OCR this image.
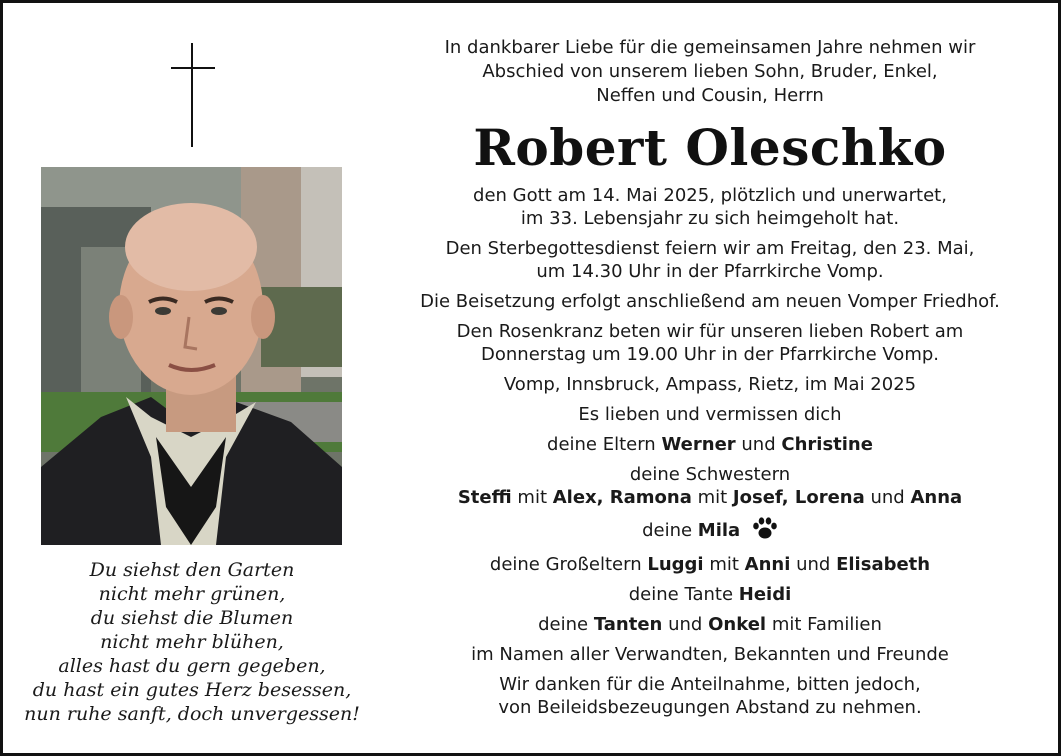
Du siehst den Garten
nicht mehr grünen,
du siehst die Blumen
nicht mehr blühen,
alles hast du gern gegeben,
du hast ein gutes Herz besessen,
nun ruhe sanft, doch unvergessen!
In dankbarer Liebe für die gemeinsamen Jahre nehmen wir
Abschied von unserem lieben Sohn, Bruder, Enkel,
Neffen und Cousin, Herrn
Robert Oleschko
den Gott am 14. Mai 2025, plötzlich und unerwartet,
im 33. Lebensjahr zu sich heimgeholt hat.
Den Sterbegottesdienst feiern wir am Freitag, den 23. Mai,
um 14.30 Uhr in der Pfarrkirche Vomp.
Die Beisetzung erfolgt anschließend am neuen Vomper Friedhof.
Den Rosenkranz beten wir für unseren lieben Robert am
Donnerstag um 19.00 Uhr in der Pfarrkirche Vomp.
Vomp, Innsbruck, Ampass, Rietz, im Mai 2025
Es lieben und vermissen dich
deine Eltern Werner und Christine
deine Schwestern
Steffi mit Alex, Ramona mit Josef, Lorena und Anna
deine Mila
deine Großeltern Luggi mit Anni und Elisabeth
deine Tante Heidi
deine Tanten und Onkel mit Familien
im Namen aller Verwandten, Bekannten und Freunde
Wir danken für die Anteilnahme, bitten jedoch,
von Beileidsbezeugungen Abstand zu nehmen.
